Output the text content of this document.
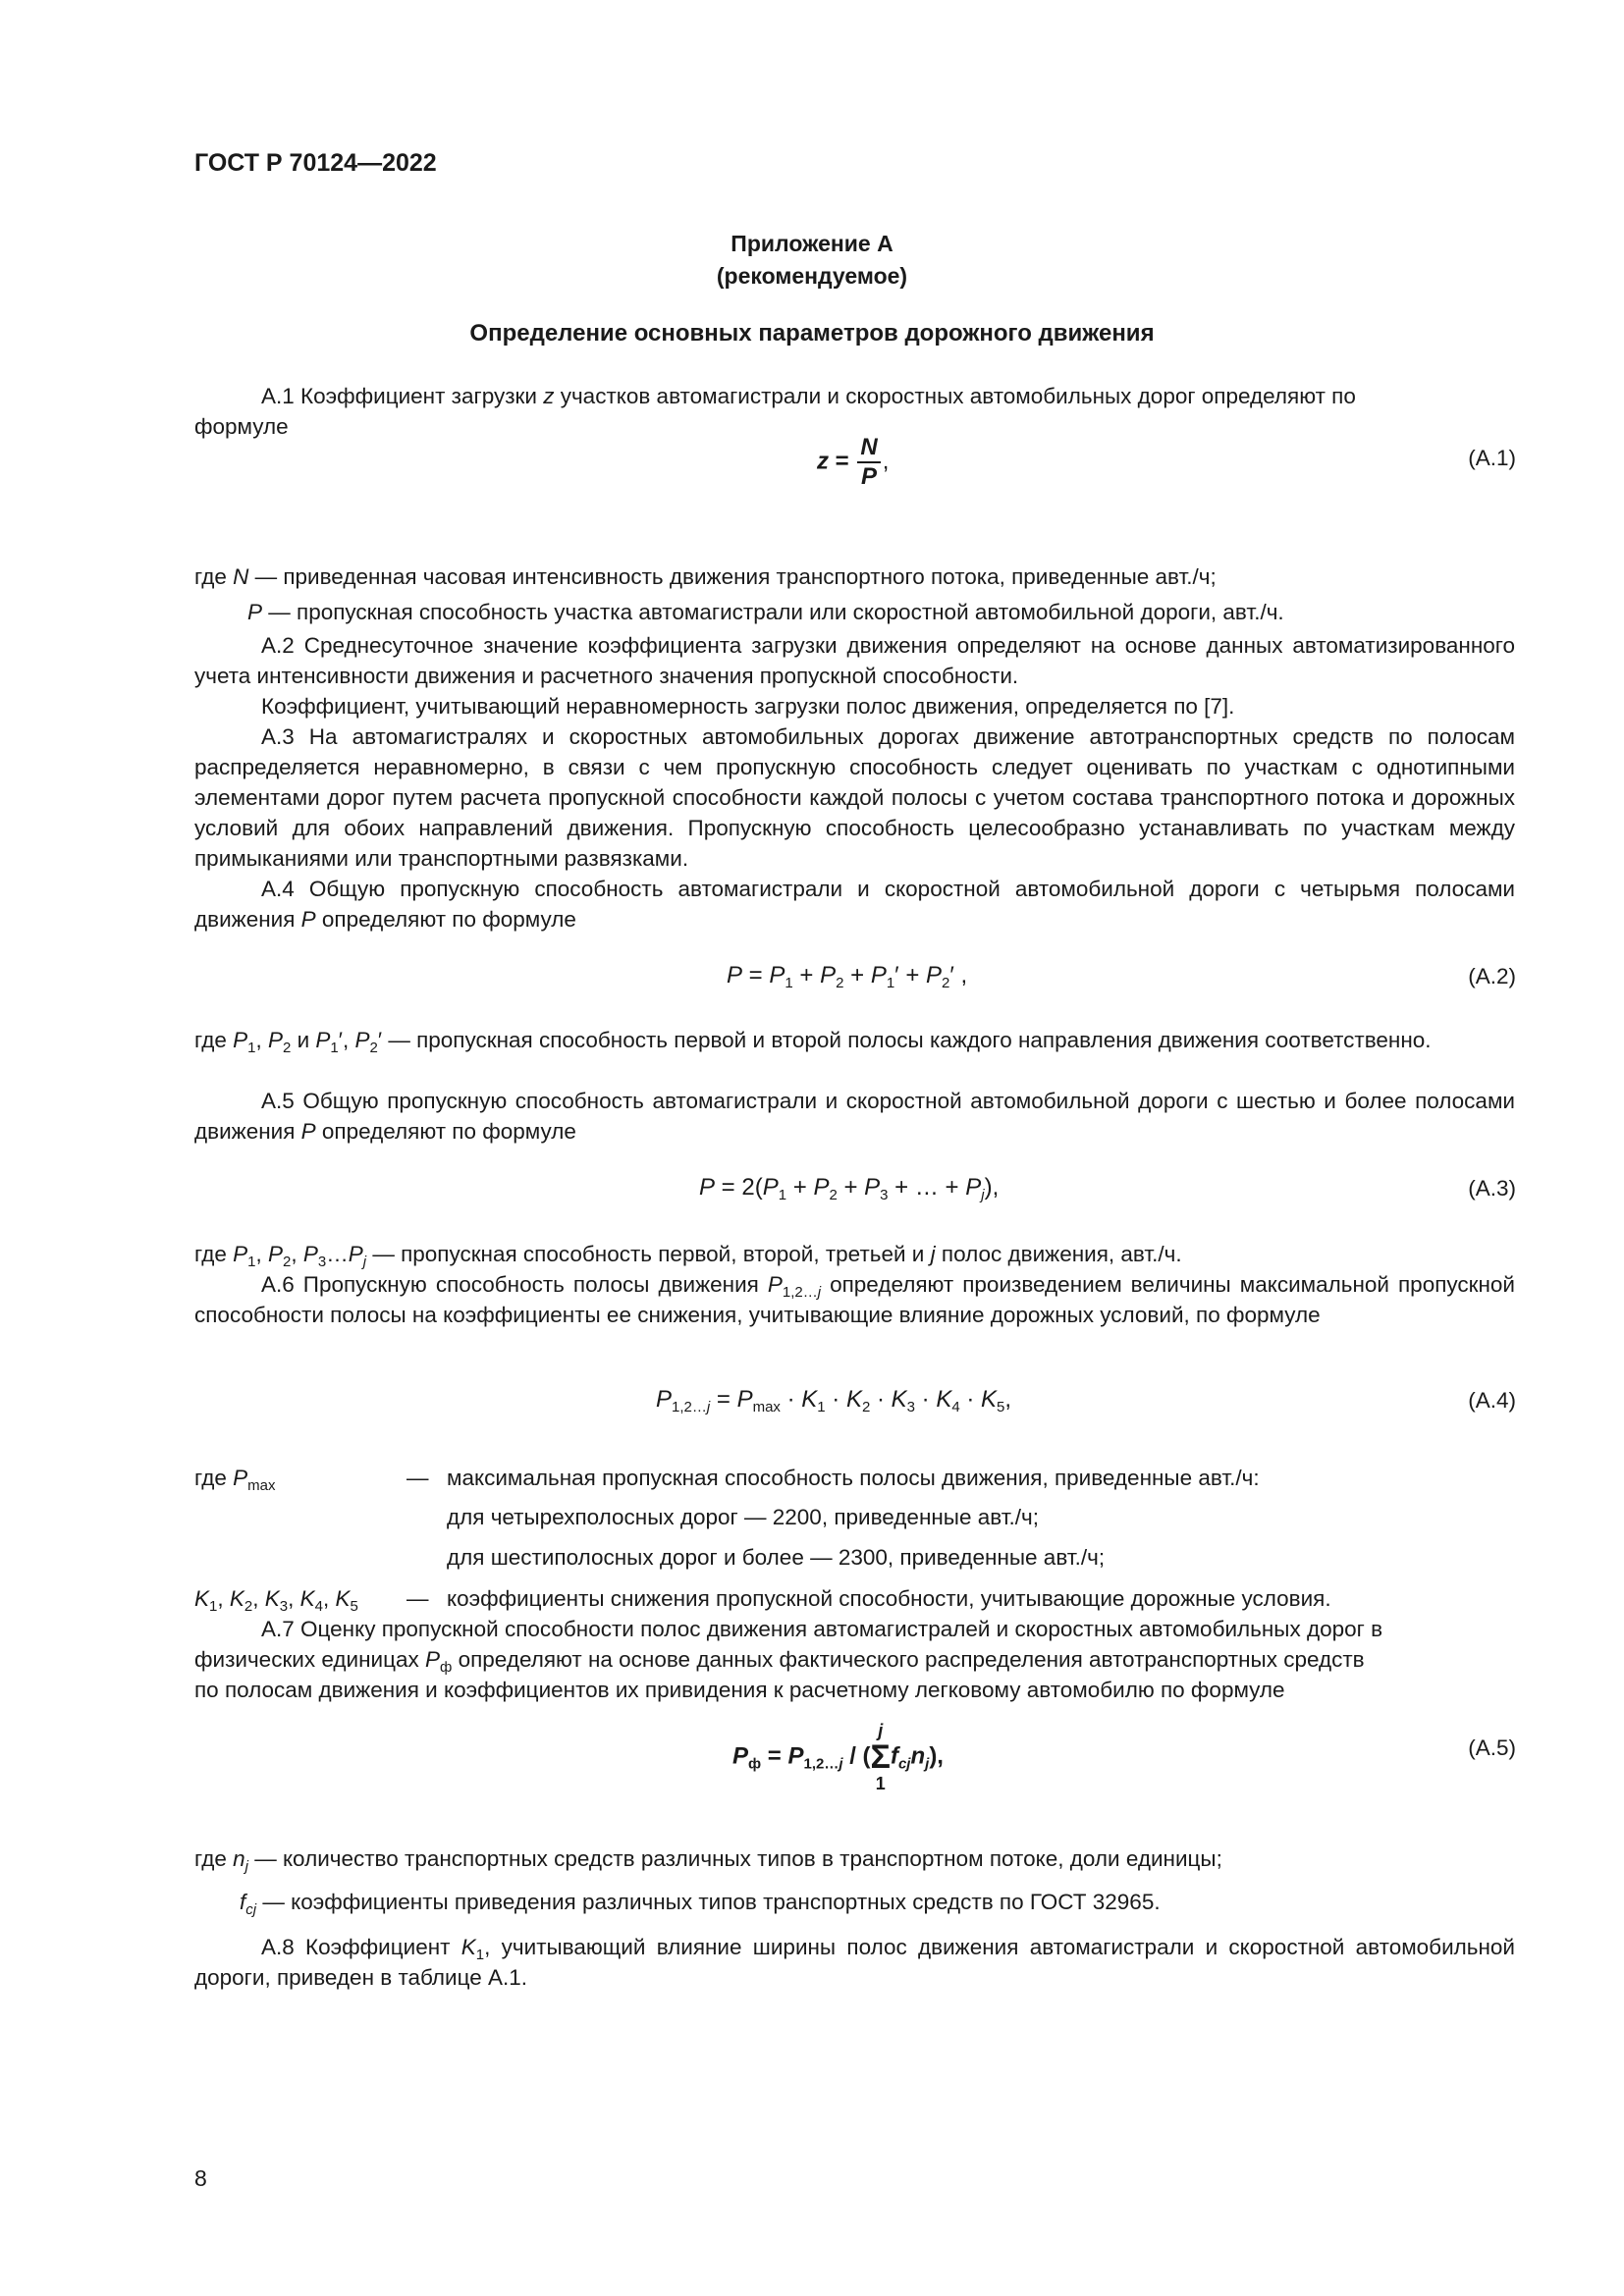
ГОСТ Р 70124—2022
Приложение А
(рекомендуемое)
Определение основных параметров дорожного движения
А.1 Коэффициент загрузки z участков автомагистрали и скоростных автомобильных дорог определяют по
формуле
$z = \frac{N}{P}$ ,	(А.1)
где N — приведенная часовая интенсивность движения транспортного потока, приведенные авт./ч;
P — пропускная способность участка автомагистрали или скоростной автомобильной дороги, авт./ч.
А.2 Среднесуточное значение коэффициента загрузки движения определяют на основе данных автоматизированного учета интенсивности движения и расчетного значения пропускной способности.
Коэффициент, учитывающий неравномерность загрузки полос движения, определяется по [7].
А.3 На автомагистралях и скоростных автомобильных дорогах движение автотранспортных средств по полосам распределяется неравномерно, в связи с чем пропускную способность следует оценивать по участкам с однотипными элементами дорог путем расчета пропускной способности каждой полосы с учетом состава транспортного потока и дорожных условий для обоих направлений движения. Пропускную способность целесообразно устанавливать по участкам между примыканиями или транспортными развязками.
А.4 Общую пропускную способность автомагистрали и скоростной автомобильной дороги с четырьмя полосами движения P определяют по формуле
$P = P_1 + P_2 + P_1' + P_2'$ ,	(А.2)
где $P_1$, $P_2$ и $P_1'$, $P_2'$ — пропускная способность первой и второй полосы каждого направления движения соответственно.
А.5 Общую пропускную способность автомагистрали и скоростной автомобильной дороги с шестью и более полосами движения P определяют по формуле
$P = 2(P_1 + P_2 + P_3$ + … + $P_j$),	(А.3)
где $P_1$, $P_2$, $P_3\dots P_j$ — пропускная способность первой, второй, третьей и j полос движения, авт./ч.
А.6 Пропускную способность полосы движения $P_{1,2\dots j}$ определяют произведением величины максимальной пропускной способности полосы на коэффициенты ее снижения, учитывающие влияние дорожных условий, по формуле
$P_{1,2\dots j} = P_{max} \cdot K_1 \cdot K_2 \cdot K_3 \cdot K_4 \cdot K_5$,	(А.4)
где $P_{max}$	— максимальная пропускная способность полосы движения, приведенные авт./ч:
для четырехполосных дорог — 2200, приведенные авт./ч;
для шестиполосных дорог и более — 2300, приведенные авт./ч;
$K_1$, $K_2$, $K_3$, $K_4$, $K_5$ — коэффициенты снижения пропускной способности, учитывающие дорожные условия.
А.7 Оценку пропускной способности полос движения автомагистралей и скоростных автомобильных дорог в
физических единицах $P_ф$ определяют на основе данных фактического распределения автотранспортных средств
по полосам движения и коэффициентов их привидения к расчетному легковому автомобилю по формуле
$P_ф = P_{1,2\dots j}$ / (
j
Σ
1
$f_{cj}n_j$),	(А.5)
где $n_j$ — количество транспортных средств различных типов в транспортном потоке, доли единицы;
$f_{cj}$ — коэффициенты приведения различных типов транспортных средств по ГОСТ 32965.
А.8 Коэффициент $K_1$, учитывающий влияние ширины полос движения автомагистрали и скоростной автомобильной дороги, приведен в таблице А.1.
8
